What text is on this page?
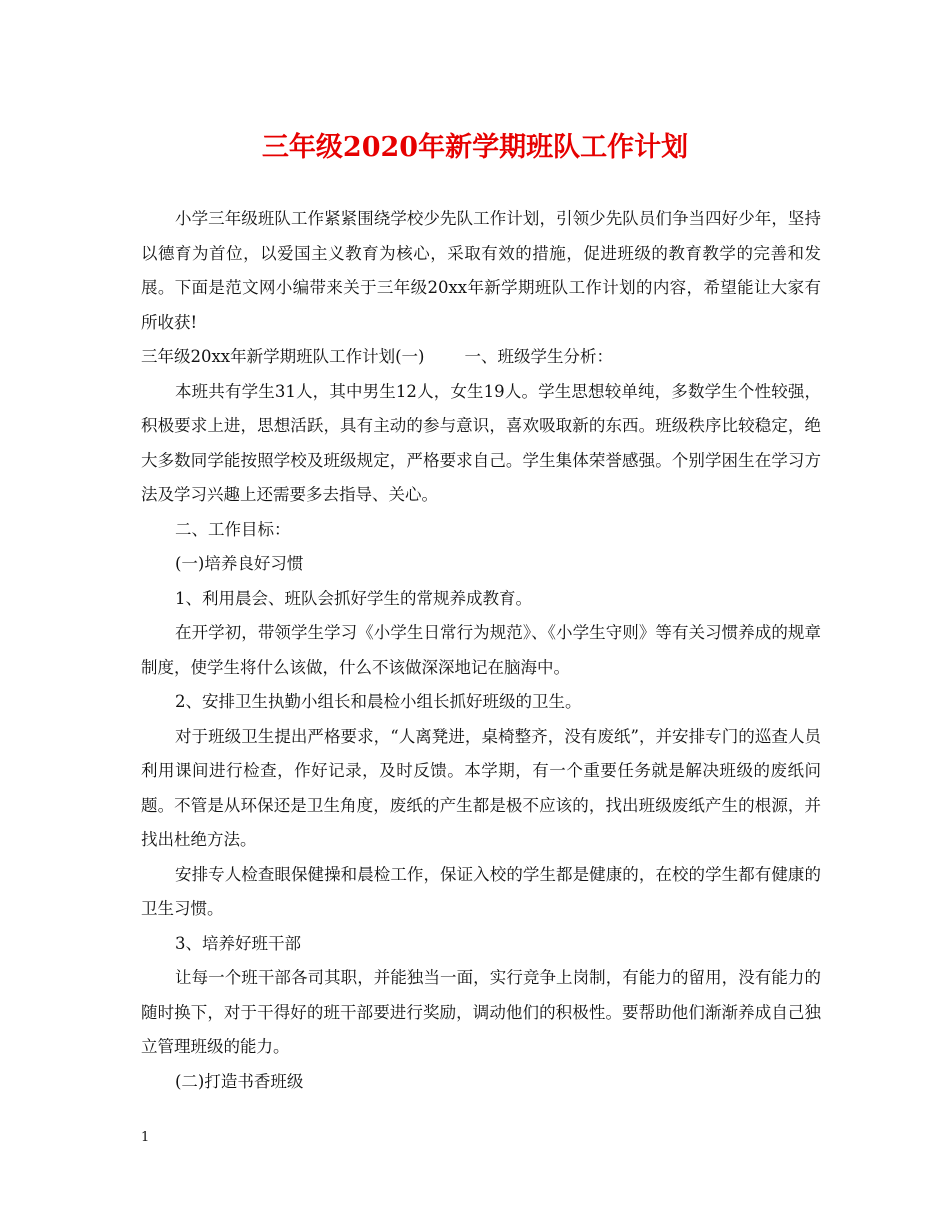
三年级2020年新学期班队工作计划

小学三年级班队工作紧紧围绕学校少先队工作计划，引领少先队员们争当四好少年，坚持以德育为首位，以爱国主义教育为核心，采取有效的措施，促进班级的教育教学的完善和发展。下面是范文网小编带来关于三年级20xx年新学期班队工作计划的内容，希望能让大家有所收获!

三年级20xx年新学期班队工作计划(一) 一、班级学生分析：

本班共有学生31人，其中男生12人，女生19人。学生思想较单纯，多数学生个性较强，积极要求上进，思想活跃，具有主动的参与意识，喜欢吸取新的东西。班级秩序比较稳定，绝大多数同学能按照学校及班级规定，严格要求自己。学生集体荣誉感强。个别学困生在学习方法及学习兴趣上还需要多去指导、关心。

二、工作目标：

(一)培养良好习惯

1、利用晨会、班队会抓好学生的常规养成教育。

在开学初，带领学生学习《小学生日常行为规范》、《小学生守则》等有关习惯养成的规章制度，使学生将什么该做，什么不该做深深地记在脑海中。

2、安排卫生执勤小组长和晨检小组长抓好班级的卫生。

对于班级卫生提出严格要求，“人离凳进，桌椅整齐，没有废纸”，并安排专门的巡查人员利用课间进行检查，作好记录，及时反馈。本学期，有一个重要任务就是解决班级的废纸问题。不管是从环保还是卫生角度，废纸的产生都是极不应该的，找出班级废纸产生的根源，并找出杜绝方法。

安排专人检查眼保健操和晨检工作，保证入校的学生都是健康的，在校的学生都有健康的卫生习惯。

3、培养好班干部

让每一个班干部各司其职，并能独当一面，实行竞争上岗制，有能力的留用，没有能力的随时换下，对于干得好的班干部要进行奖励，调动他们的积极性。要帮助他们渐渐养成自己独立管理班级的能力。

(二)打造书香班级

1
